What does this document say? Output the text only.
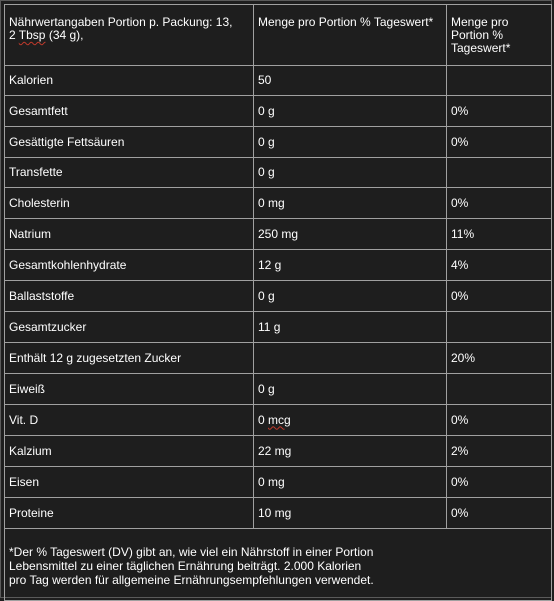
Nährwertangaben Portion p. Packung: 13,
2 Tbsp (34 g),	Menge pro Portion % Tageswert*	Menge pro Portion % Tageswert*
Kalorien	50	
Gesamtfett	0 g	0%
Gesättigte Fettsäuren	0 g	0%
Transfette	0 g	
Cholesterin	0 mg	0%
Natrium	250 mg	11%
Gesamtkohlenhydrate	12 g	4%
Ballaststoffe	0 g	0%
Gesamtzucker	11 g	
Enthält 12 g zugesetzten Zucker		20%
Eiweiß	0 g	
Vit. D	0 mcg	0%
Kalzium	22 mg	2%
Eisen	0 mg	0%
Proteine	10 mg	0%
*Der % Tageswert (DV) gibt an, wie viel ein Nährstoff in einer Portion Lebensmittel zu einer täglichen Ernährung beiträgt. 2.000 Kalorien pro Tag werden für allgemeine Ernährungsempfehlungen verwendet.		
